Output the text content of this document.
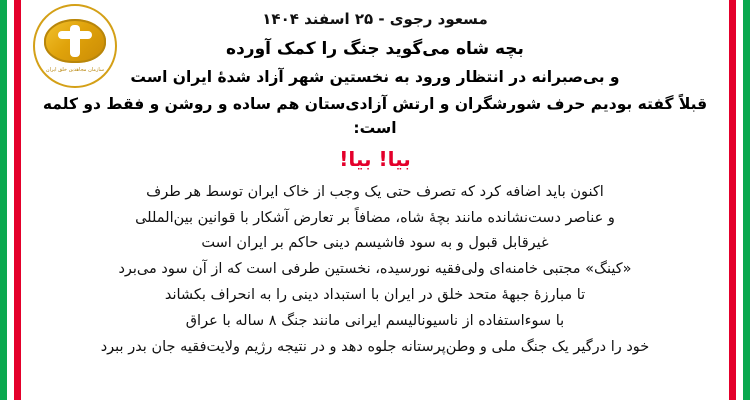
سازمان مجاهدین خلق ایران
مسعود رجوی - ۲۵ اسفند ۱۴۰۴
بچه شاه می‌گوید جنگ را کمک آورده
و بی‌صبرانه در انتظار ورود به نخستین شهر آزاد شدهٔ ایران است
قبلاً گفته بودیم حرف شورشگران و ارتش آزادی‌ستان هم ساده و روشن و فقط دو کلمه است:
بیا! بیا!
اکنون باید اضافه کرد که تصرف حتی یک وجب از خاک ایران توسط هر طرف
و عناصر دست‌نشانده مانند بچهٔ شاه، مضافاً بر تعارض آشکار با قوانین بین‌المللی
غیرقابل قبول و به سود فاشیسم دینی حاکم بر ایران است
«کینگ» مجتبی خامنه‌ای ولی‌فقیه نورسیده، نخستین طرفی است که از آن سود می‌برد
تا مبارزهٔ جبههٔ متحد خلق در ایران با استبداد دینی را به انحراف بکشاند
با سوءاستفاده از ناسیونالیسم ایرانی مانند جنگ ۸ ساله با عراق
خود را درگیر یک جنگ ملی و وطن‌پرستانه جلوه دهد و در نتیجه رژیم ولایت‌فقیه جان بدر ببرد
